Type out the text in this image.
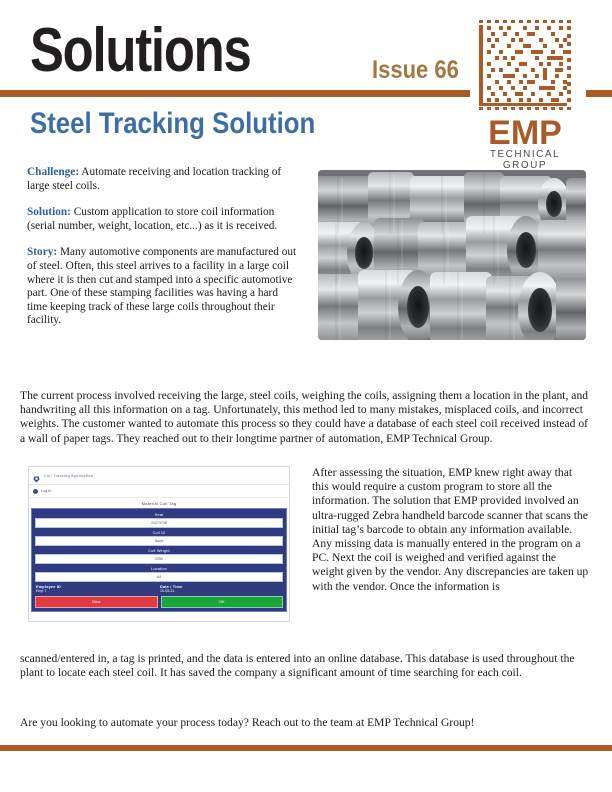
Solutions	Issue 66
EMP
TECHNICAL
GROUP
Steel Tracking Solution

Challenge: Automate receiving and location tracking of large steel coils.

Solution: Custom application to store coil information (serial number, weight, location, etc...) as it is received.

Story: Many automotive components are manufactured out of steel. Often, this steel arrives to a facility in a large coil where it is then cut and stamped into a specific automotive part. One of these stamping facilities was having a hard time keeping track of these large coils throughout their facility.

The current process involved receiving the large, steel coils, weighing the coils, assigning them a location in the plant, and handwriting all this information on a tag. Unfortunately, this method led to many mistakes, misplaced coils, and incorrect weights. The customer wanted to automate this process so they could have a database of each steel coil received instead of a wall of paper tags. They reached out to their longtime partner of automation, EMP Technical Group.
Coil Tracking Application
Log In
Material Coil Tag
Heat
21273746
Coil ID
None
Coil Weight
2250
Location
A4
Employee ID
Emp 7
Date / Time
10-05-21
Clear	OK
After assessing the situation, EMP knew right away that this would require a custom program to store all the information. The solution that EMP provided involved an ultra-rugged Zebra handheld barcode scanner that scans the initial tag’s barcode to obtain any information available. Any missing data is manually entered in the program on a PC. Next the coil is weighed and verified against the weight given by the vendor. Any discrepancies are taken up with the vendor. Once the information is
scanned/entered in, a tag is printed, and the data is entered into an online database. This database is used throughout the plant to locate each steel coil. It has saved the company a significant amount of time searching for each coil.
Are you looking to automate your process today? Reach out to the team at EMP Technical Group!
